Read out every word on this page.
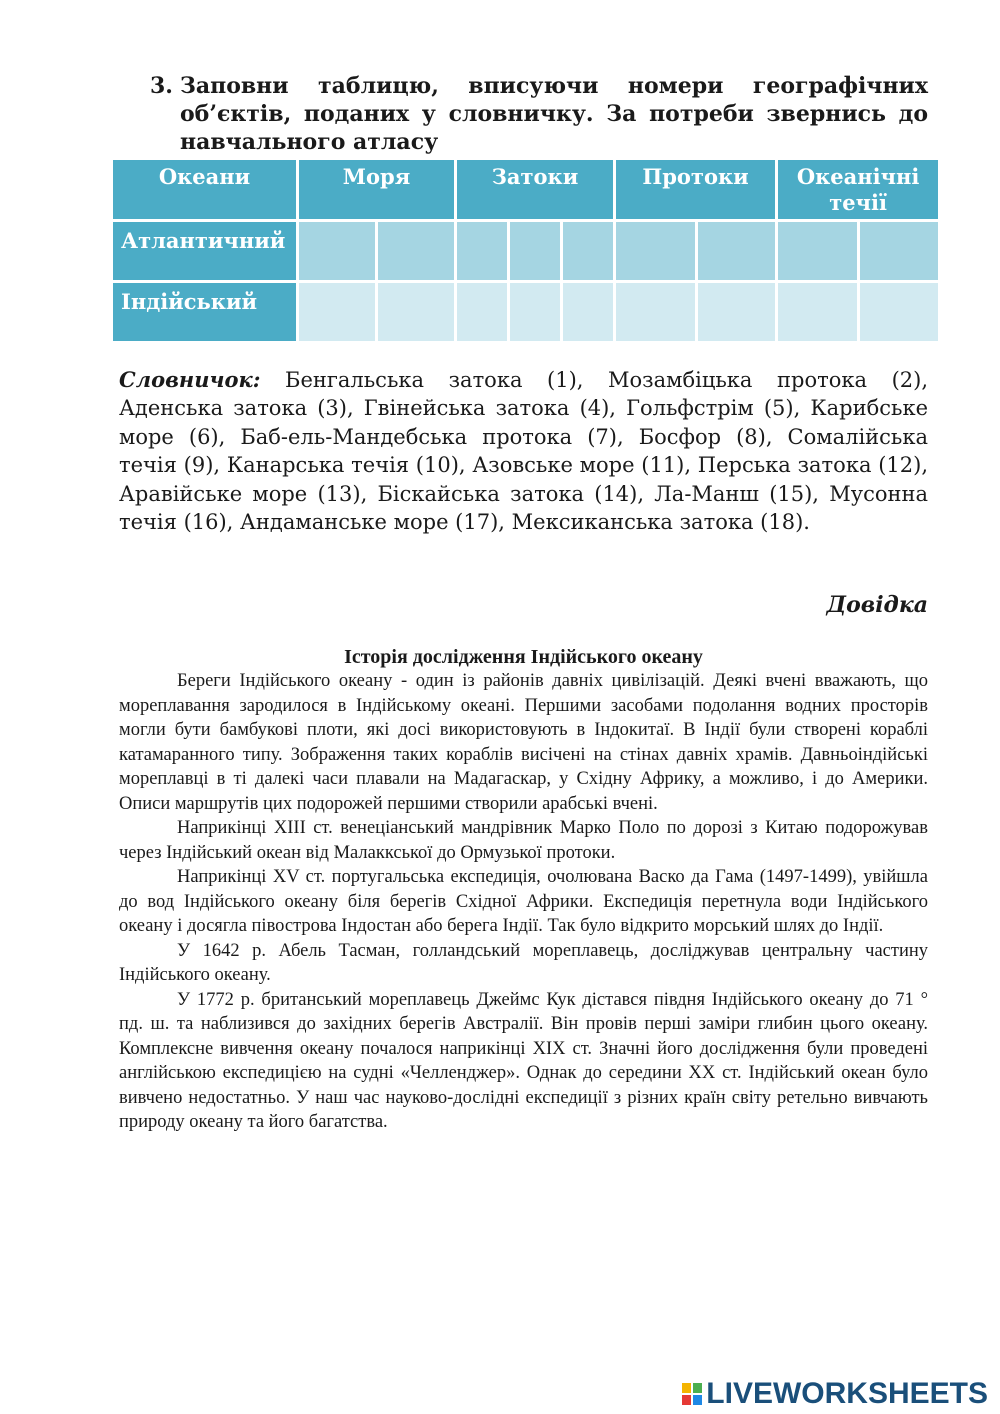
3. Заповни таблицю, вписуючи номери географічних об’єктів, поданих у словничку. За потреби звернись до навчального атласу
Океани	Моря		Затоки			Протоки		Океанічні течії	
Атлантичний									
Індійський									
Словничок: Бенгальська затока (1), Мозамбіцька протока (2), Аденська затока (3), Гвінейська затока (4), Гольфстрім (5), Карибське море (6), Баб-ель-Мандебська протока (7), Босфор (8), Сомалійська течія (9), Канарська течія (10), Азовське море (11), Перська затока (12), Аравійське море (13), Біскайська затока (14), Ла-Манш (15), Мусонна течія (16), Андаманське море (17), Мексиканська затока (18).
Довідка
Історія дослідження Індійського океану

Береги Індійського океану - один із районів давніх цивілізацій. Деякі вчені вважають, що мореплавання зародилося в Індійському океані. Першими засобами подолання водних просторів могли бути бамбукові плоти, які досі використовують в Індокитаї. В Індії були створені кораблі катамаранного типу. Зображення таких кораблів висічені на стінах давніх храмів. Давньоіндійські мореплавці в ті далекі часи плавали на Мадагаскар, у Східну Африку, а можливо, і до Америки. Описи маршрутів цих подорожей першими створили арабські вчені.

Наприкінці XIII ст. венеціанський мандрівник Марко Поло по дорозі з Китаю подорожував через Індійський океан від Малаккської до Ормузької протоки.

Наприкінці XV ст. португальська експедиція, очолювана Васко да Гама (1497-1499), увійшла до вод Індійського океану біля берегів Східної Африки. Експедиція перетнула води Індійського океану і досягла півострова Індостан або берега Індії. Так було відкрито морський шлях до Індії.

У 1642 р. Абель Тасман, голландський мореплавець, досліджував центральну частину Індійського океану.

У 1772 р. британський мореплавець Джеймс Кук дістався півдня Індійського океану до 71 ° пд. ш. та наблизився до західних берегів Австралії. Він провів перші заміри глибин цього океану. Комплексне вивчення океану почалося наприкінці XIX ст. Значні його дослідження були проведені англійською експедицією на судні «Челленджер». Однак до середини XX ст. Індійський океан було вивчено недостатньо. У наш час науково-дослідні експедиції з різних країн світу ретельно вивчають природу океану та його багатства.

LIVEWORKSHEETS
